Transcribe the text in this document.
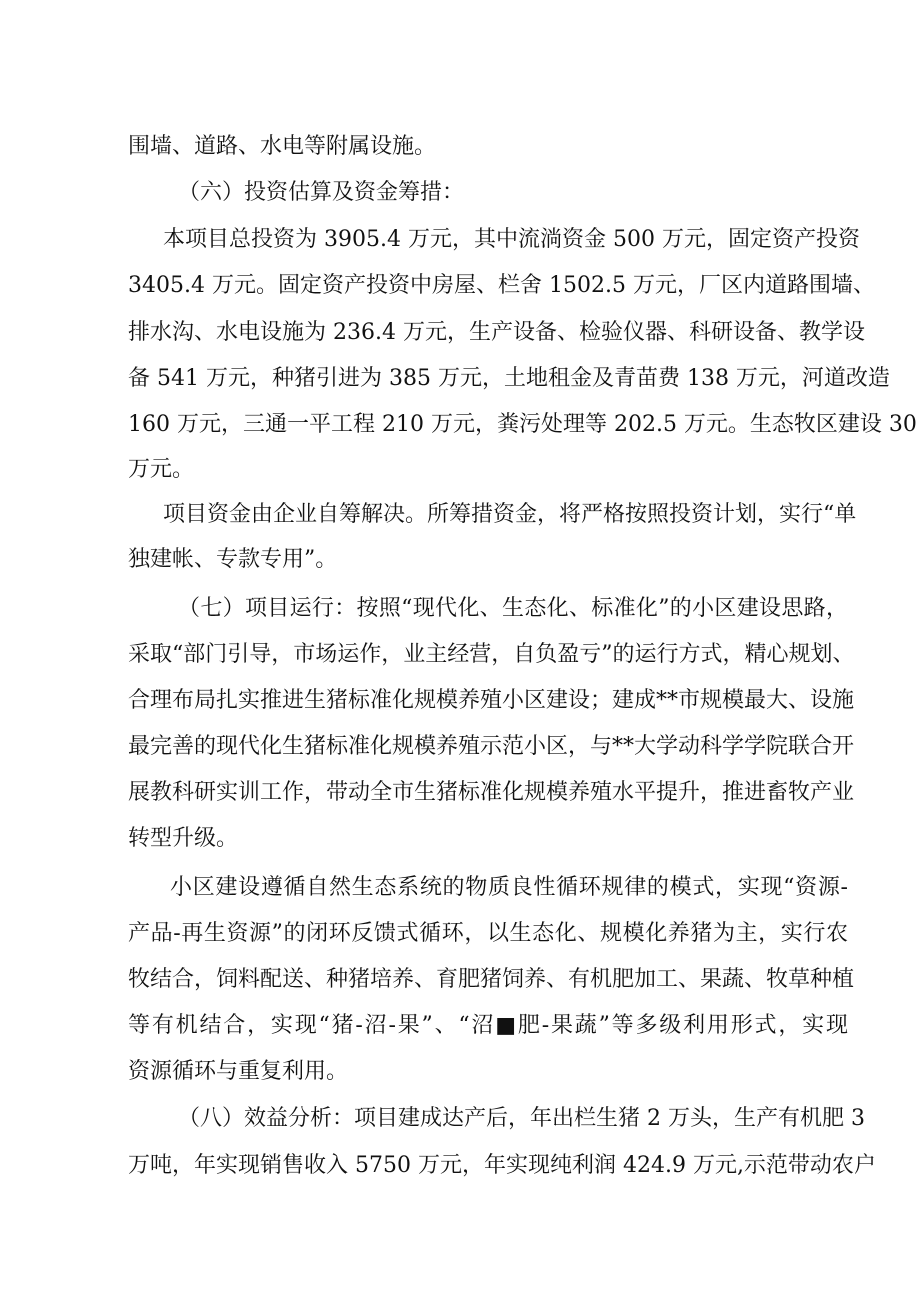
围墙、道路、水电等附属设施。
（六）投资估算及资金筹措：
本项目总投资为 3905.4 万元，其中流淌资金 500 万元，固定资产投资
3405.4 万元。固定资产投资中房屋、栏舍 1502.5 万元，厂区内道路围墙、
排水沟、水电设施为 236.4 万元，生产设备、检验仪器、科研设备、教学设
备 541 万元，种猪引进为 385 万元，土地租金及青苗费 138 万元，河道改造
160 万元，三通一平工程 210 万元，粪污处理等 202.5 万元。生态牧区建设 30
万元。
项目资金由企业自筹解决。所筹措资金，将严格按照投资计划，实行“单
独建帐、专款专用”。
（七）项目运行：按照“现代化、生态化、标准化”的小区建设思路，
采取“部门引导，市场运作，业主经营，自负盈亏”的运行方式，精心规划、
合理布局扎实推进生猪标准化规模养殖小区建设；建成**市规模最大、设施
最完善的现代化生猪标准化规模养殖示范小区，与**大学动科学学院联合开
展教科研实训工作，带动全市生猪标准化规模养殖水平提升，推进畜牧产业
转型升级。
小区建设遵循自然生态系统的物质良性循环规律的模式，实现“资源-
产品-再生资源”的闭环反馈式循环，以生态化、规模化养猪为主，实行农
牧结合，饲料配送、种猪培养、育肥猪饲养、有机肥加工、果蔬、牧草种植
等有机结合，实现“猪-沼-果”、“沼■肥-果蔬”等多级利用形式，实现
资源循环与重复利用。
（八）效益分析：项目建成达产后，年出栏生猪 2 万头，生产有机肥 3
万吨，年实现销售收入 5750 万元，年实现纯利润 424.9 万元,示范带动农户
